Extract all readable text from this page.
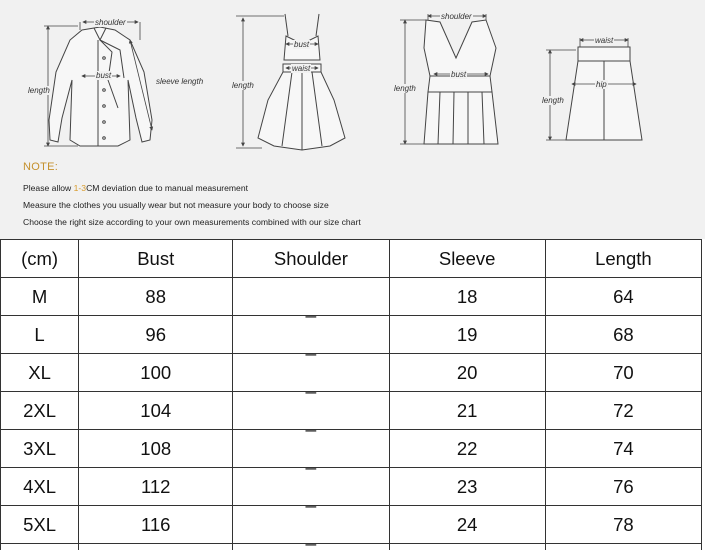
shoulder
bust
sleeve length
length
bust
waist
length
shoulder
bust
length
waist
hip
length
NOTE:
Please allow 1-3CM deviation due to manual measurement
Measure the clothes you usually wear but not measure your body to choose size
Choose the right size according to your own measurements combined with our size chart
(cm)	Bust	Shoulder	Sleeve	Length
M	88	_	18	64
L	96	_	19	68
XL	100	_	20	70
2XL	104	_	21	72
3XL	108	_	22	74
4XL	112	_	23	76
5XL	116	_	24	78
